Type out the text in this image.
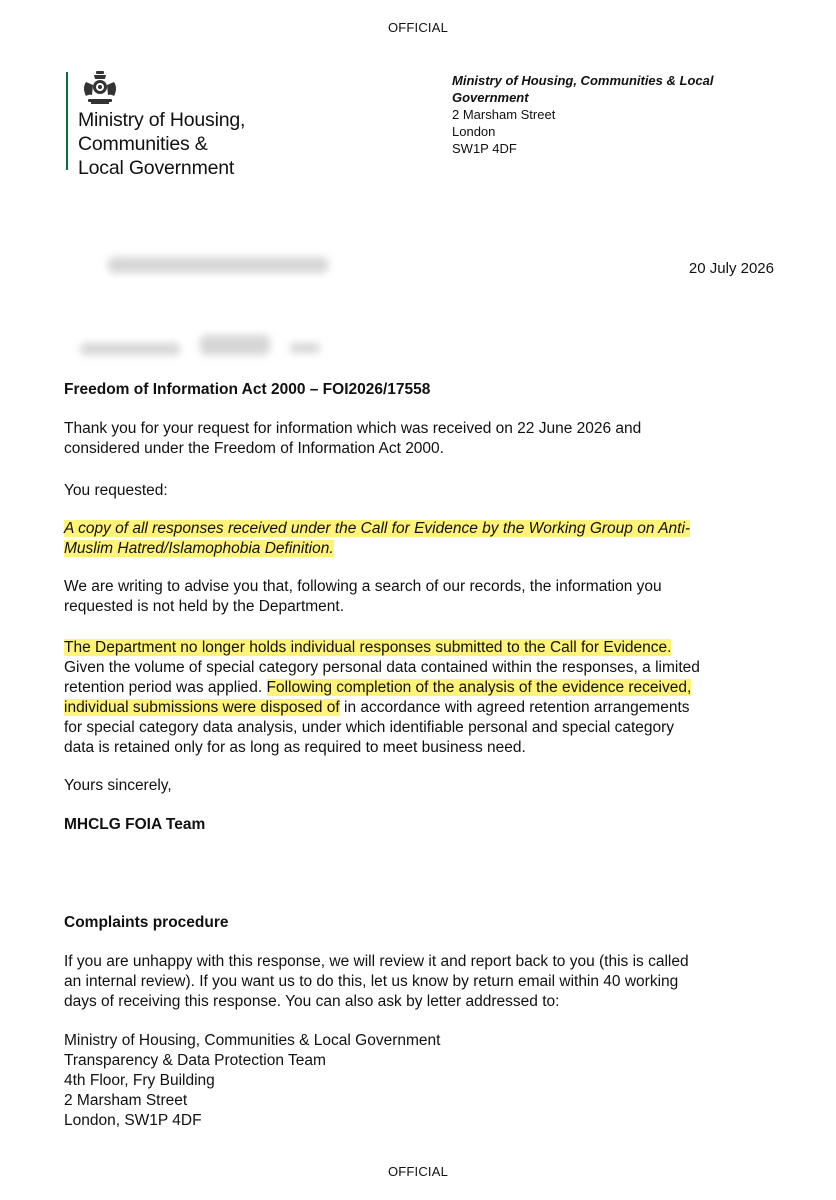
OFFICIAL
Ministry of Housing,
Communities &
Local Government
Ministry of Housing, Communities & Local
Government
2 Marsham Street
London
SW1P 4DF
20 July 2026
Freedom of Information Act 2000 – FOI2026/17558
Thank you for your request for information which was received on 22 June 2026 and
considered under the Freedom of Information Act 2000.
You requested:
A copy of all responses received under the Call for Evidence by the Working Group on Anti-
Muslim Hatred/Islamophobia Definition.
We are writing to advise you that, following a search of our records, the information you
requested is not held by the Department.
The Department no longer holds individual responses submitted to the Call for Evidence.
Given the volume of special category personal data contained within the responses, a limited
retention period was applied. Following completion of the analysis of the evidence received,
individual submissions were disposed of in accordance with agreed retention arrangements
for special category data analysis, under which identifiable personal and special category
data is retained only for as long as required to meet business need.
Yours sincerely,
MHCLG FOIA Team
Complaints procedure
If you are unhappy with this response, we will review it and report back to you (this is called
an internal review). If you want us to do this, let us know by return email within 40 working
days of receiving this response. You can also ask by letter addressed to:
Ministry of Housing, Communities & Local Government
Transparency & Data Protection Team
4th Floor, Fry Building
2 Marsham Street
London, SW1P 4DF
OFFICIAL
